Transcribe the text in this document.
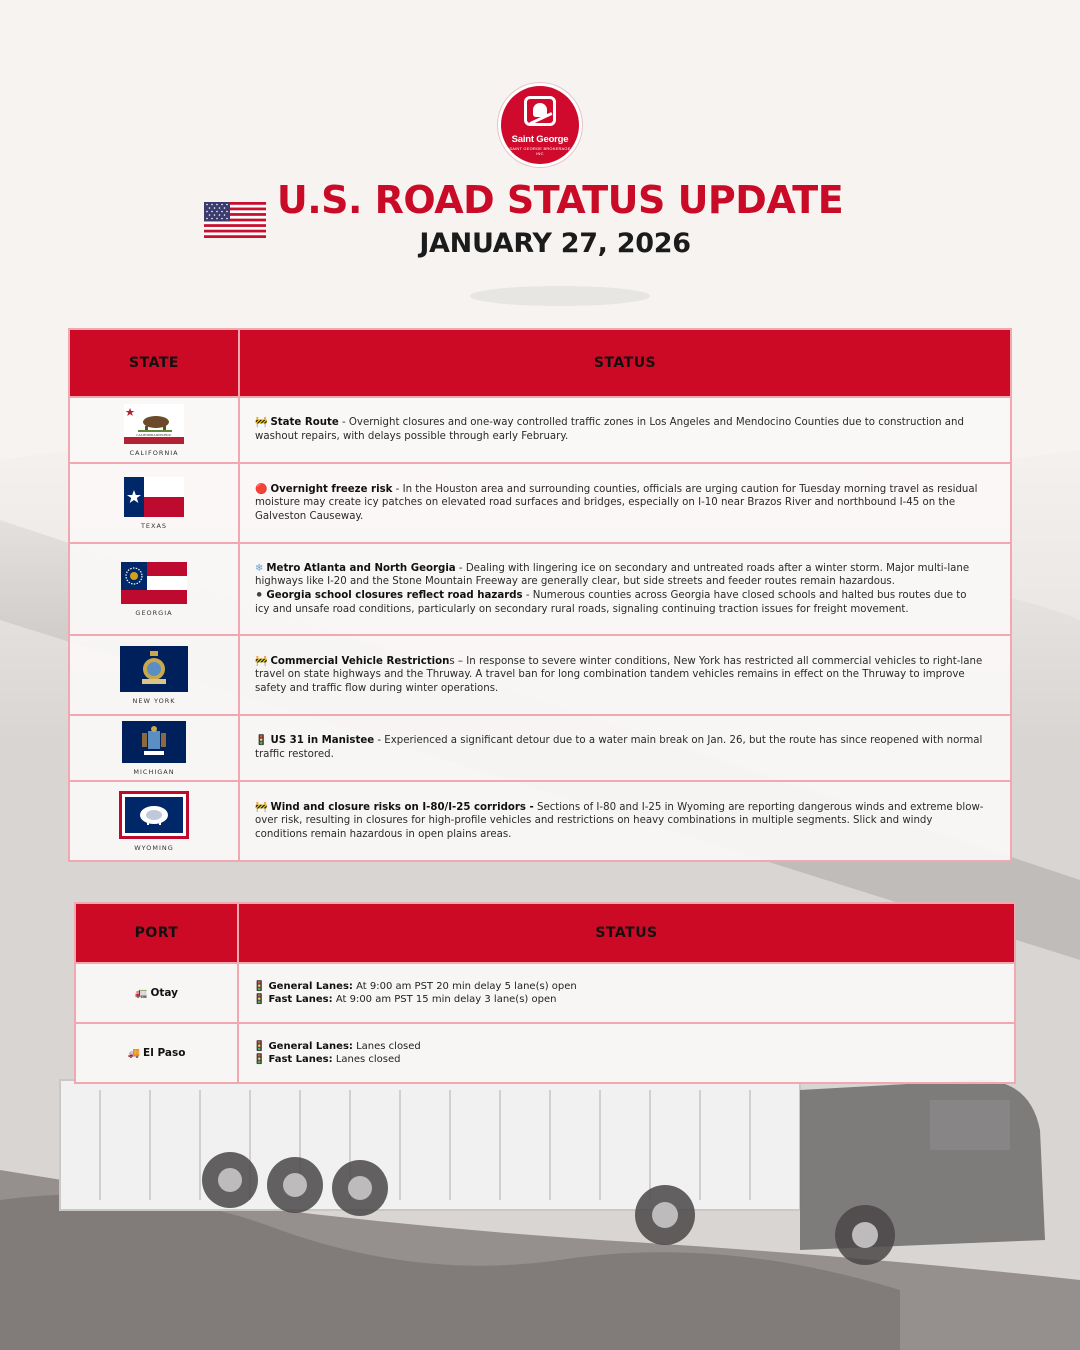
Saint George
SAINT GEORGE BROKERAGE INC
U.S. ROAD STATUS UPDATE
JANUARY 27, 2026
STATE	STATUS
CALIFORNIA REPUBLIC
CALIFORNIA
🚧 State Route - Overnight closures and one-way controlled traffic zones in Los Angeles and Mendocino Counties due to construction and washout repairs, with delays possible through early February.
TEXAS
🔴 Overnight freeze risk - In the Houston area and surrounding counties, officials are urging caution for Tuesday morning travel as residual moisture may create icy patches on elevated road surfaces and bridges, especially on I-10 near Brazos River and northbound I-45 on the Galveston Causeway.
GEORGIA
❄ Metro Atlanta and North Georgia - Dealing with lingering ice on secondary and untreated roads after a winter storm. Major multi-lane highways like I-20 and the Stone Mountain Freeway are generally clear, but side streets and feeder routes remain hazardous.
⚫ Georgia school closures reflect road hazards - Numerous counties across Georgia have closed schools and halted bus routes due to icy and unsafe road conditions, particularly on secondary rural roads, signaling continuing traction issues for freight movement.
NEW YORK
🚧 Commercial Vehicle Restrictions – In response to severe winter conditions, New York has restricted all commercial vehicles to right-lane travel on state highways and the Thruway. A travel ban for long combination tandem vehicles remains in effect on the Thruway to improve safety and traffic flow during winter operations.
MICHIGAN
🚦 US 31 in Manistee - Experienced a significant detour due to a water main break on Jan. 26, but the route has since reopened with normal traffic restored.
WYOMING
🚧 Wind and closure risks on I-80/I-25 corridors - Sections of I-80 and I-25 in Wyoming are reporting dangerous winds and extreme blow-over risk, resulting in closures for high-profile vehicles and restrictions on heavy combinations in multiple segments. Slick and windy conditions remain hazardous in open plains areas.
PORT	STATUS
🚛 Otay
🚦 General Lanes: At 9:00 am PST 20 min delay 5 lane(s) open
🚦 Fast Lanes: At 9:00 am PST 15 min delay 3 lane(s) open
🚚 El Paso
🚦 General Lanes: Lanes closed
🚦 Fast Lanes: Lanes closed
